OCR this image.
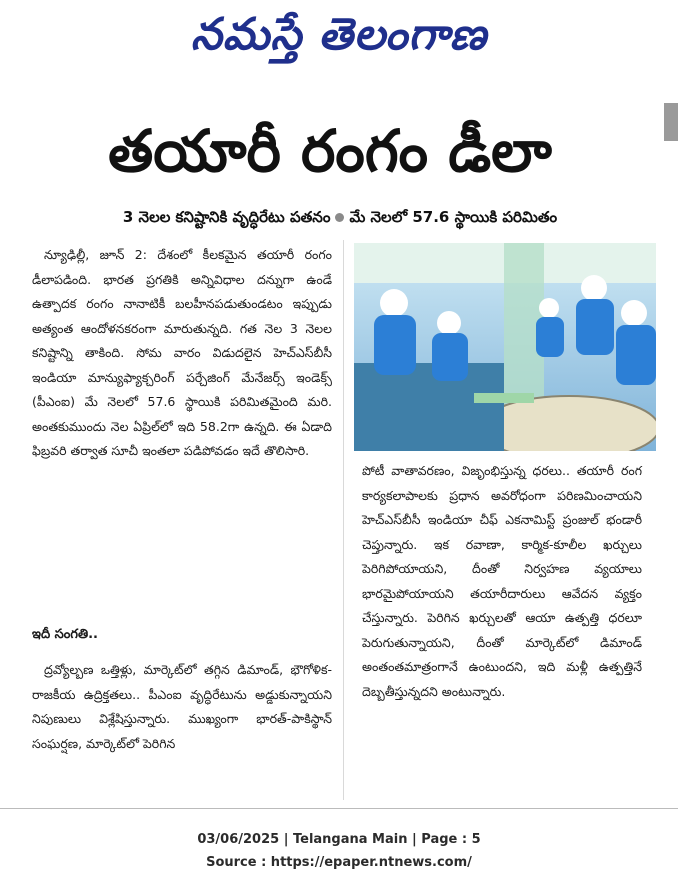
నమస్తే తెలంగాణ
తయారీ రంగం డీలా
3 నెలల కనిష్టానికి వృద్ధిరేటు పతనం మే నెలలో 57.6 స్థాయికి పరిమితం

న్యూఢిల్లీ, జూన్ 2: దేశంలో కీలకమైన తయారీ రంగం డీలాపడింది. భారత ప్రగతికి అన్నివిధాల దన్నుగా ఉండే ఉత్పాదక రంగం నానాటికీ బలహీనపడుతుండటం ఇప్పుడు అత్యంత ఆందోళనకరంగా మారుతున్నది. గత నెల 3 నెలల కనిష్టాన్ని తాకింది. సోమ వారం విడుదలైన హెచ్‌ఎస్‌బీసీ ఇండియా మాన్యుఫ్యాక్చరింగ్ పర్చేజింగ్ మేనేజర్స్ ఇండెక్స్ (పీఎంఐ) మే నెలలో 57.6 స్థాయికి పరిమితమైంది మరి. అంతకుముందు నెల ఏప్రిల్‌లో ఇది 58.2గా ఉన్నది. ఈ ఏడాది ఫిబ్రవరి తర్వాత సూచీ ఇంతలా పడిపోవడం ఇదే తొలిసారి.

ఇదీ సంగతి..

ద్రవ్యోల్బణ ఒత్తిళ్లు, మార్కెట్‌లో తగ్గిన డిమాండ్, భౌగోళిక-రాజకీయ ఉద్రిక్తతలు.. పీఎంఐ వృద్ధిరేటును అడ్డుకున్నాయని నిపుణులు విశ్లేషిస్తున్నారు. ముఖ్యంగా భారత్-పాకిస్థాన్ సంఘర్షణ, మార్కెట్‌లో పెరిగిన

పోటీ వాతావరణం, విజృంభిస్తున్న ధరలు.. తయారీ రంగ కార్యకలాపాలకు ప్రధాన అవరోధంగా పరిణమించాయని హెచ్‌ఎస్‌బీసీ ఇండియా చీఫ్ ఎకనామిస్ట్ ప్రంజుల్ భండారీ చెప్తున్నారు. ఇక రవాణా, కార్మిక-కూలీల ఖర్చులు పెరిగిపోయాయని, దీంతో నిర్వహణ వ్యయాలు భారమైపోయాయని తయారీదారులు ఆవేదన వ్యక్తం చేస్తున్నారు. పెరిగిన ఖర్చులతో ఆయా ఉత్పత్తి ధరలూ పెరుగుతున్నాయని, దీంతో మార్కెట్‌లో డిమాండ్ అంతంతమాత్రంగానే ఉంటుందని, ఇది మళ్లీ ఉత్పత్తినే దెబ్బతీస్తున్నదని అంటున్నారు.

03/06/2025 | Telangana Main | Page : 5
Source : https://epaper.ntnews.com/
